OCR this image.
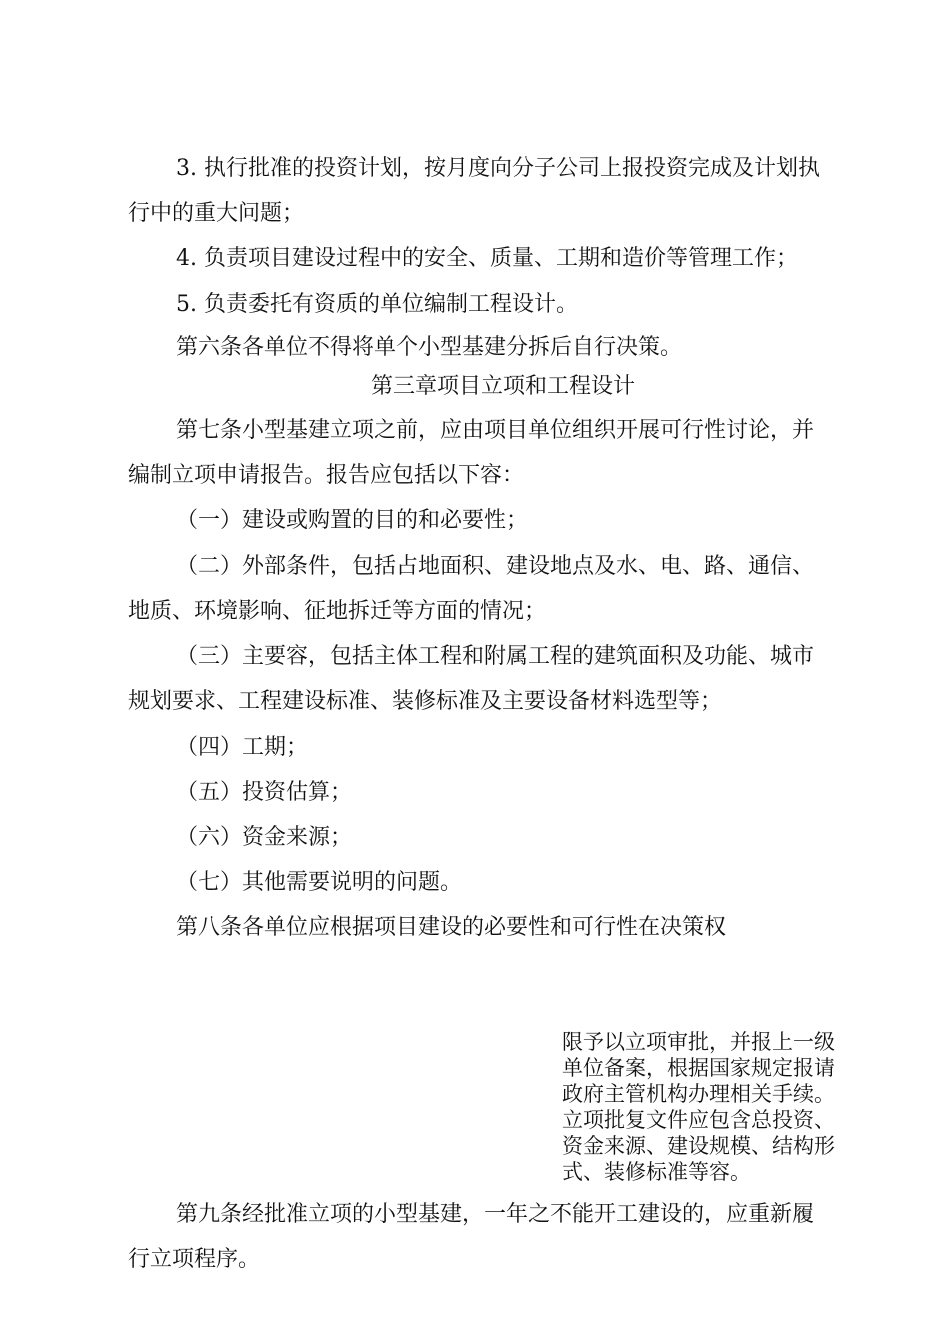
3. 执行批准的投资计划，按月度向分子公司上报投资完成及计划执
行中的重大问题；
4. 负责项目建设过程中的安全、质量、工期和造价等管理工作；
5. 负责委托有资质的单位编制工程设计。
第六条各单位不得将单个小型基建分拆后自行决策。
第三章项目立项和工程设计
第七条小型基建立项之前，应由项目单位组织开展可行性讨论，并
编制立项申请报告。报告应包括以下容：
（一）建设或购置的目的和必要性；
（二）外部条件，包括占地面积、建设地点及水、电、路、通信、
地质、环境影响、征地拆迁等方面的情况；
（三）主要容，包括主体工程和附属工程的建筑面积及功能、城市
规划要求、工程建设标准、装修标准及主要设备材料选型等；
（四）工期；
（五）投资估算；
（六）资金来源；
（七）其他需要说明的问题。
第八条各单位应根据项目建设的必要性和可行性在决策权
限予以立项审批，并报上一级
单位备案，根据国家规定报请
政府主管机构办理相关手续。
立项批复文件应包含总投资、
资金来源、建设规模、结构形
式、装修标准等容。
第九条经批准立项的小型基建，一年之不能开工建设的，应重新履
行立项程序。
